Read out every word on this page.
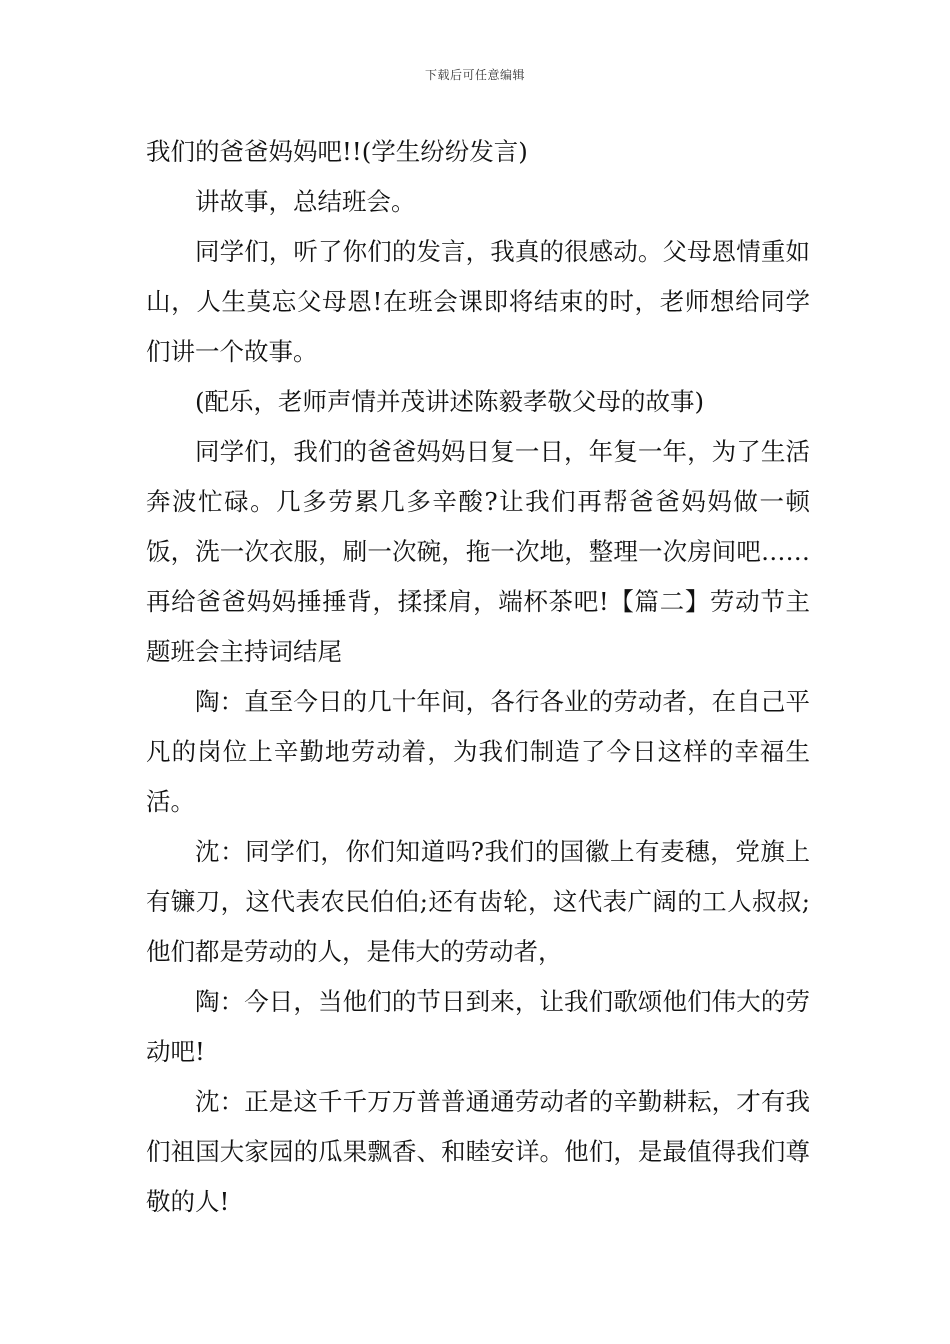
下载后可任意编辑

我们的爸爸妈妈吧!!(学生纷纷发言)

讲故事，总结班会。

同学们，听了你们的发言，我真的很感动。父母恩情重如山，人生莫忘父母恩!在班会课即将结束的时，老师想给同学们讲一个故事。

(配乐，老师声情并茂讲述陈毅孝敬父母的故事)

同学们，我们的爸爸妈妈日复一日，年复一年，为了生活奔波忙碌。几多劳累几多辛酸?让我们再帮爸爸妈妈做一顿饭，洗一次衣服，刷一次碗，拖一次地，整理一次房间吧……再给爸爸妈妈捶捶背，揉揉肩，端杯茶吧!【篇二】劳动节主题班会主持词结尾

陶：直至今日的几十年间，各行各业的劳动者，在自己平凡的岗位上辛勤地劳动着，为我们制造了今日这样的幸福生活。

沈：同学们，你们知道吗?我们的国徽上有麦穗，党旗上有镰刀，这代表农民伯伯;还有齿轮，这代表广阔的工人叔叔;他们都是劳动的人，是伟大的劳动者，

陶：今日，当他们的节日到来，让我们歌颂他们伟大的劳动吧!

沈：正是这千千万万普普通通劳动者的辛勤耕耘，才有我们祖国大家园的瓜果飘香、和睦安详。他们，是最值得我们尊敬的人!
